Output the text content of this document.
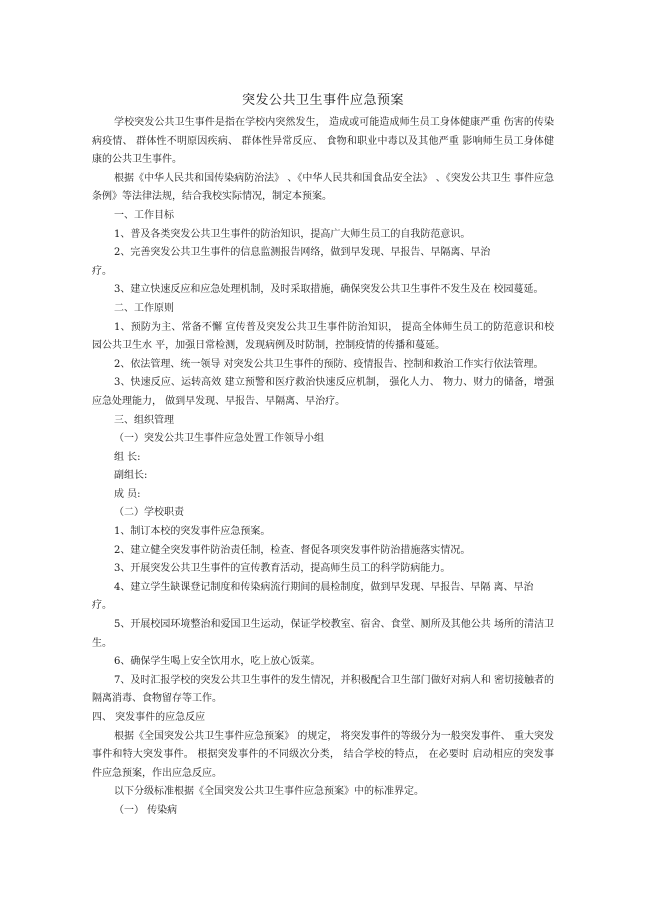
突发公共卫生事件应急预案

学校突发公共卫生事件是指在学校内突然发生， 造成或可能造成师生员工身体健康严重 伤害的传染病疫情、 群体性不明原因疾病、 群体性异常反应、 食物和职业中毒以及其他严重 影响师生员工身体健康的公共卫生事件。

根据《中华人民共和国传染病防治法》 、《中华人民共和国食品安全法》 、《突发公共卫生 事件应急条例》等法律法规，结合我校实际情况，制定本预案。

一、工作目标

1、普及各类突发公共卫生事件的防治知识，提高广大师生员工的自我防范意识。

2、完善突发公共卫生事件的信息监测报告网络，做到早发现、早报告、早隔离、早治

疗。

3、建立快速反应和应急处理机制，及时采取措施，确保突发公共卫生事件不发生及在 校园蔓延。

二、工作原则

1、预防为主、常备不懈 宣传普及突发公共卫生事件防治知识， 提高全体师生员工的防范意识和校园公共卫生水 平，加强日常检测，发现病例及时防制，控制疫情的传播和蔓延。

2、依法管理、统一领导 对突发公共卫生事件的预防、疫情报告、控制和救治工作实行依法管理。

3、快速反应、运转高效 建立预警和医疗救治快速反应机制， 强化人力、 物力、财力的储备，增强应急处理能力， 做到早发现、早报告、早隔离、早治疗。

三、组织管理

（一）突发公共卫生事件应急处置工作领导小组

组 长:

副组长:

成 员:

（二）学校职责

1、制订本校的突发事件应急预案。

2、建立健全突发事件防治责任制，检查、督促各项突发事件防治措施落实情况。

3、开展突发公共卫生事件的宣传教育活动，提高师生员工的科学防病能力。

4、建立学生缺课登记制度和传染病流行期间的晨检制度，做到早发现、早报告、早隔 离、早治

疗。

5、开展校园环境整治和爱国卫生运动，保证学校教室、宿舍、食堂、厕所及其他公共 场所的清洁卫生。

6、确保学生喝上安全饮用水，吃上放心饭菜。

7、及时汇报学校的突发公共卫生事件的发生情况，并积极配合卫生部门做好对病人和 密切接触者的隔离消毒、食物留存等工作。

四、 突发事件的应急反应

根据《全国突发公共卫生事件应急预案》 的规定， 将突发事件的等级分为一般突发事件、 重大突发事件和特大突发事件。 根据突发事件的不同级次分类， 结合学校的特点， 在必要时 启动相应的突发事件应急预案，作出应急反应。

以下分级标准根据《全国突发公共卫生事件应急预案》中的标准界定。

（一） 传染病
